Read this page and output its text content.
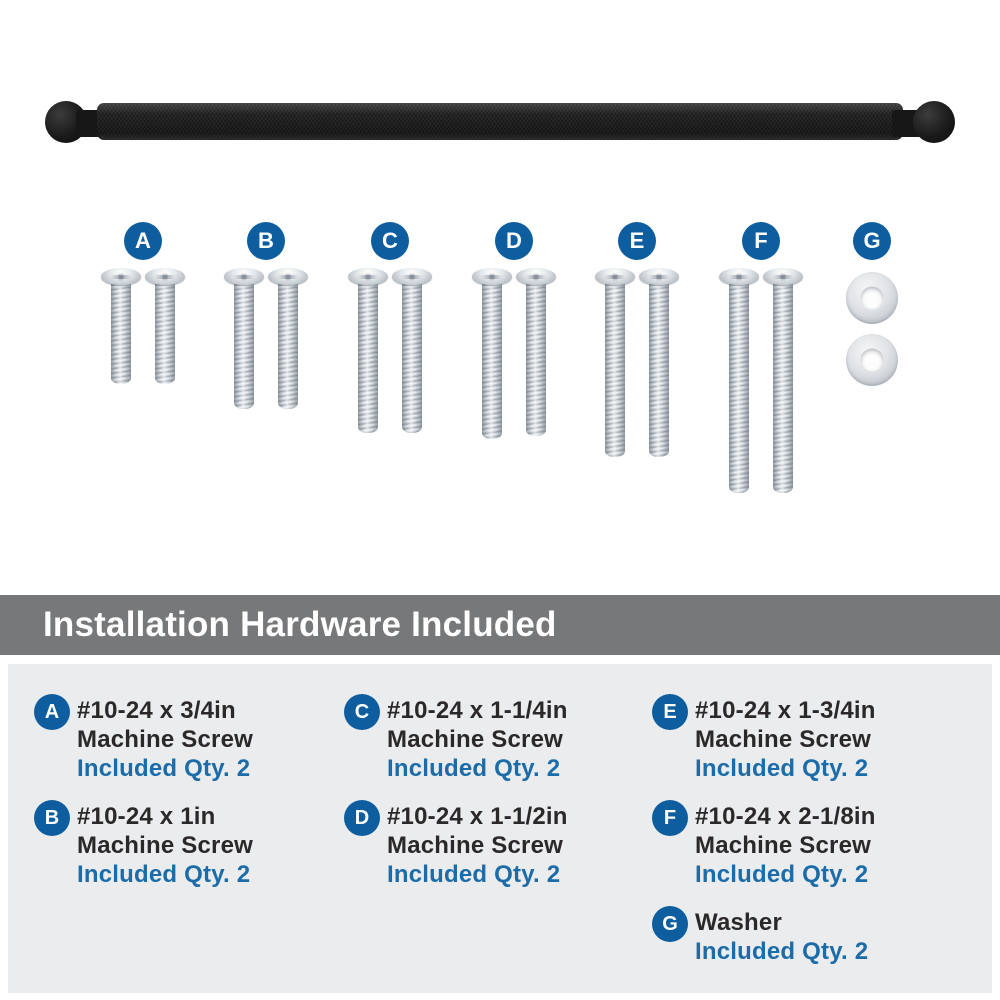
A	B	C	D	E	F	G
Installation Hardware Included
A #10-24 x 3/4in
Machine Screw
Included Qty. 2
B #10-24 x 1in
Machine Screw
Included Qty. 2
C #10-24 x 1-1/4in
Machine Screw
Included Qty. 2
D #10-24 x 1-1/2in
Machine Screw
Included Qty. 2
E #10-24 x 1-3/4in
Machine Screw
Included Qty. 2
F #10-24 x 2-1/8in
Machine Screw
Included Qty. 2
G Washer
Included Qty. 2
